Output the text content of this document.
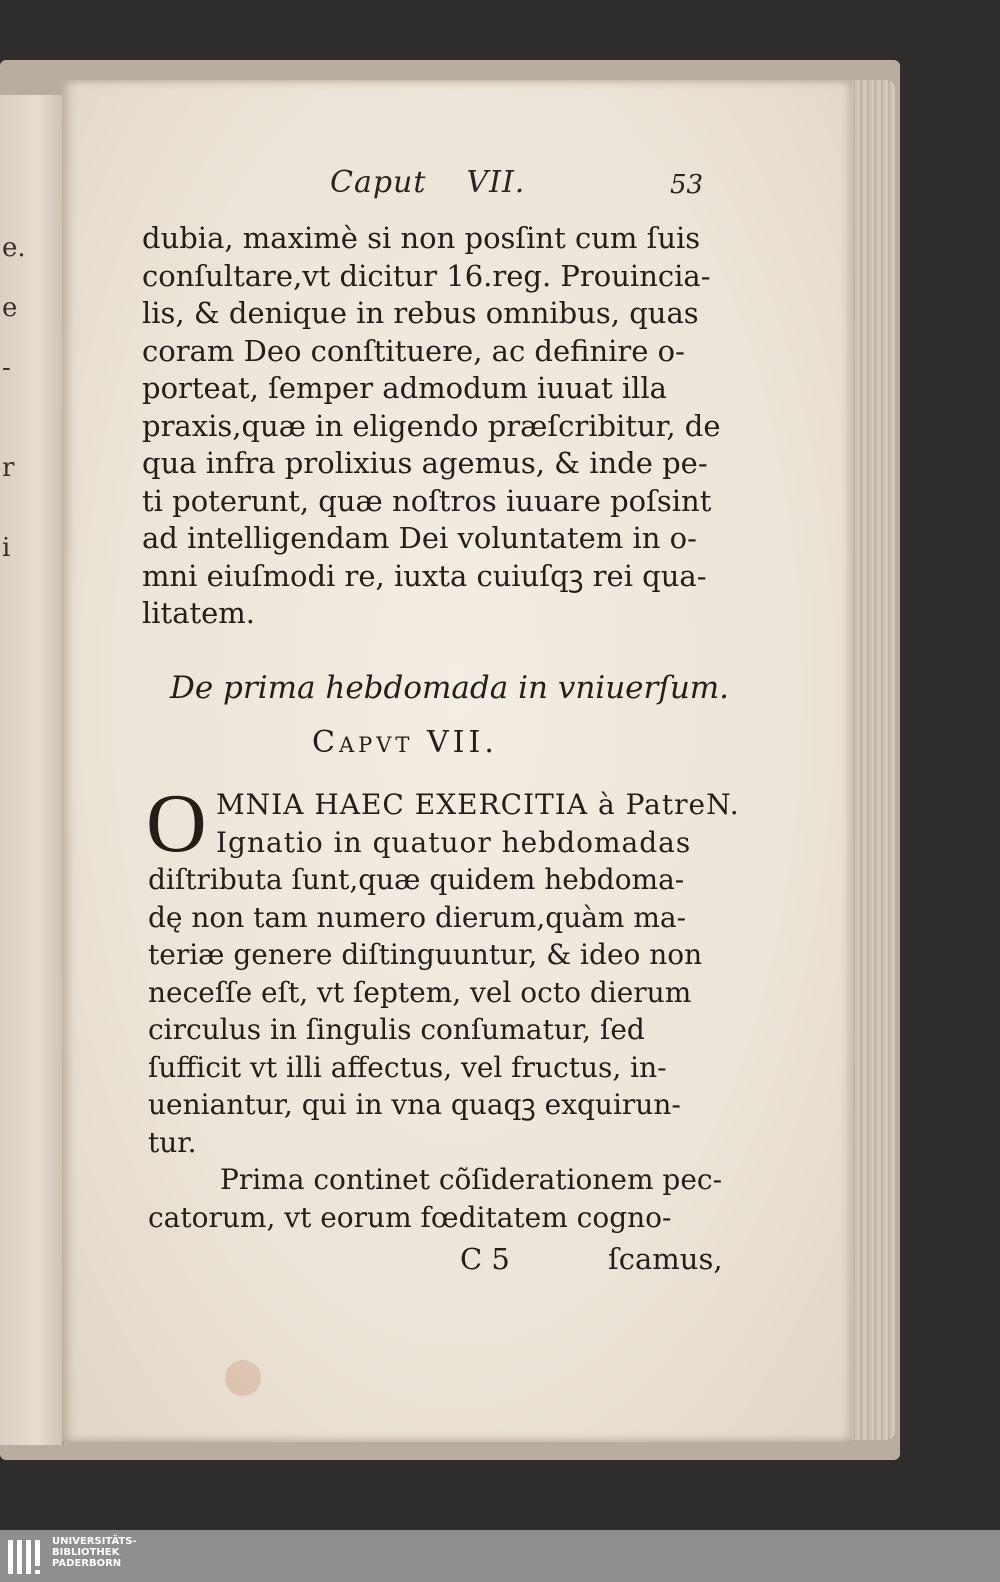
e.
e
-
r
i
Caput VII.	53
dubia, maximè si non posſint cum ſuis
conſultare,vt dicitur 16.reg. Prouincia-
lis, & denique in rebus omnibus, quas
coram Deo conſtituere, ac definire o-
porteat, ſemper admodum iuuat illa
praxis,quæ in eligendo præſcribitur, de
qua infra prolixius agemus, & inde pe-
ti poterunt, quæ noſtros iuuare poſsint
ad intelligendam Dei voluntatem in o-
mni eiuſmodi re, iuxta cuiuſqꝫ rei qua-
litatem.
De prima hebdomada in vniuerſum.
Capvt VII.
O MNIA HAEC EXERCITIA à PatreN.
Ignatio in quatuor hebdomadas
diſtributa ſunt,quæ quidem hebdoma-
dę non tam numero dierum,quàm ma-
teriæ genere diſtinguuntur, & ideo non
neceſſe eſt, vt ſeptem, vel octo dierum
circulus in ſingulis conſumatur, ſed
ſufficit vt illi affectus, vel fructus, in-
ueniantur, qui in vna quaqꝫ exquirun-
tur.
Prima continet cõſiderationem pec-
catorum, vt eorum fœditatem cogno-
C 5	ſcamus,
UNIVERSITÄTS-
BIBLIOTHEK
PADERBORN
